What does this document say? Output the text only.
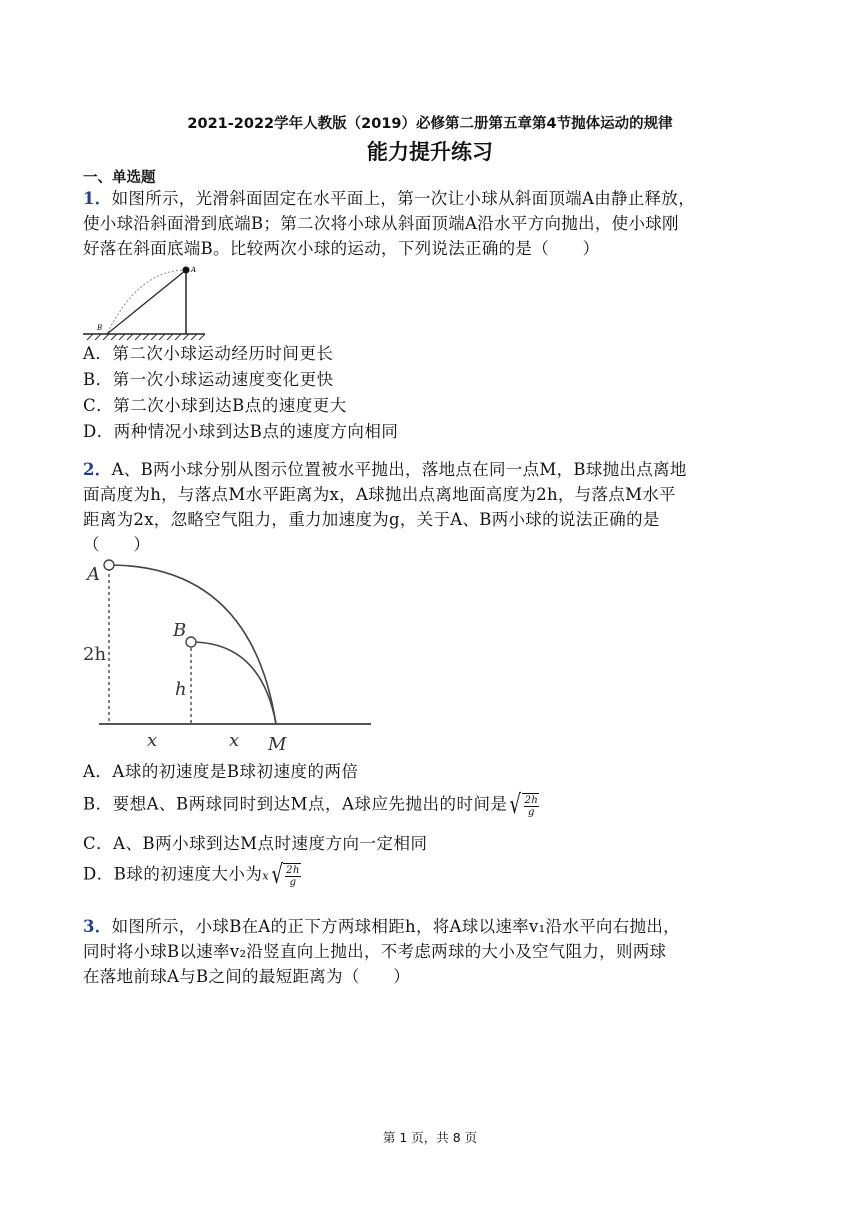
2021-2022学年人教版（2019）必修第二册第五章第4节抛体运动的规律
能力提升练习
一、单选题
1．如图所示，光滑斜面固定在水平面上，第一次让小球从斜面顶端A由静止释放，
使小球沿斜面滑到底端B；第二次将小球从斜面顶端A沿水平方向抛出，使小球刚
好落在斜面底端B。比较两次小球的运动，下列说法正确的是（　　）
A
B
A．第二次小球运动经历时间更长
B．第一次小球运动速度变化更快
C．第二次小球到达B点的速度更大
D．两种情况小球到达B点的速度方向相同
2．A、B两小球分别从图示位置被水平抛出，落地点在同一点M，B球抛出点离地
面高度为h，与落点M水平距离为x，A球抛出点离地面高度为2h，与落点M水平
距离为2x，忽略空气阻力，重力加速度为g，关于A、B两小球的说法正确的是
（　　）
A
B
2h
h
x	x M
A．A球的初速度是B球初速度的两倍
B．要想A、B两球同时到达M点，A球应先抛出的时间是√ $\frac{2h}{g}$
C．A、B两小球到达M点时速度方向一定相同
D．B球的初速度大小为$x√ \frac{2h}{g}$
3．如图所示，小球B在A的正下方两球相距h，将A球以速率v₁沿水平向右抛出，
同时将小球B以速率v₂沿竖直向上抛出，不考虑两球的大小及空气阻力，则两球
在落地前球A与B之间的最短距离为（　　）
第 1 页，共 8 页
